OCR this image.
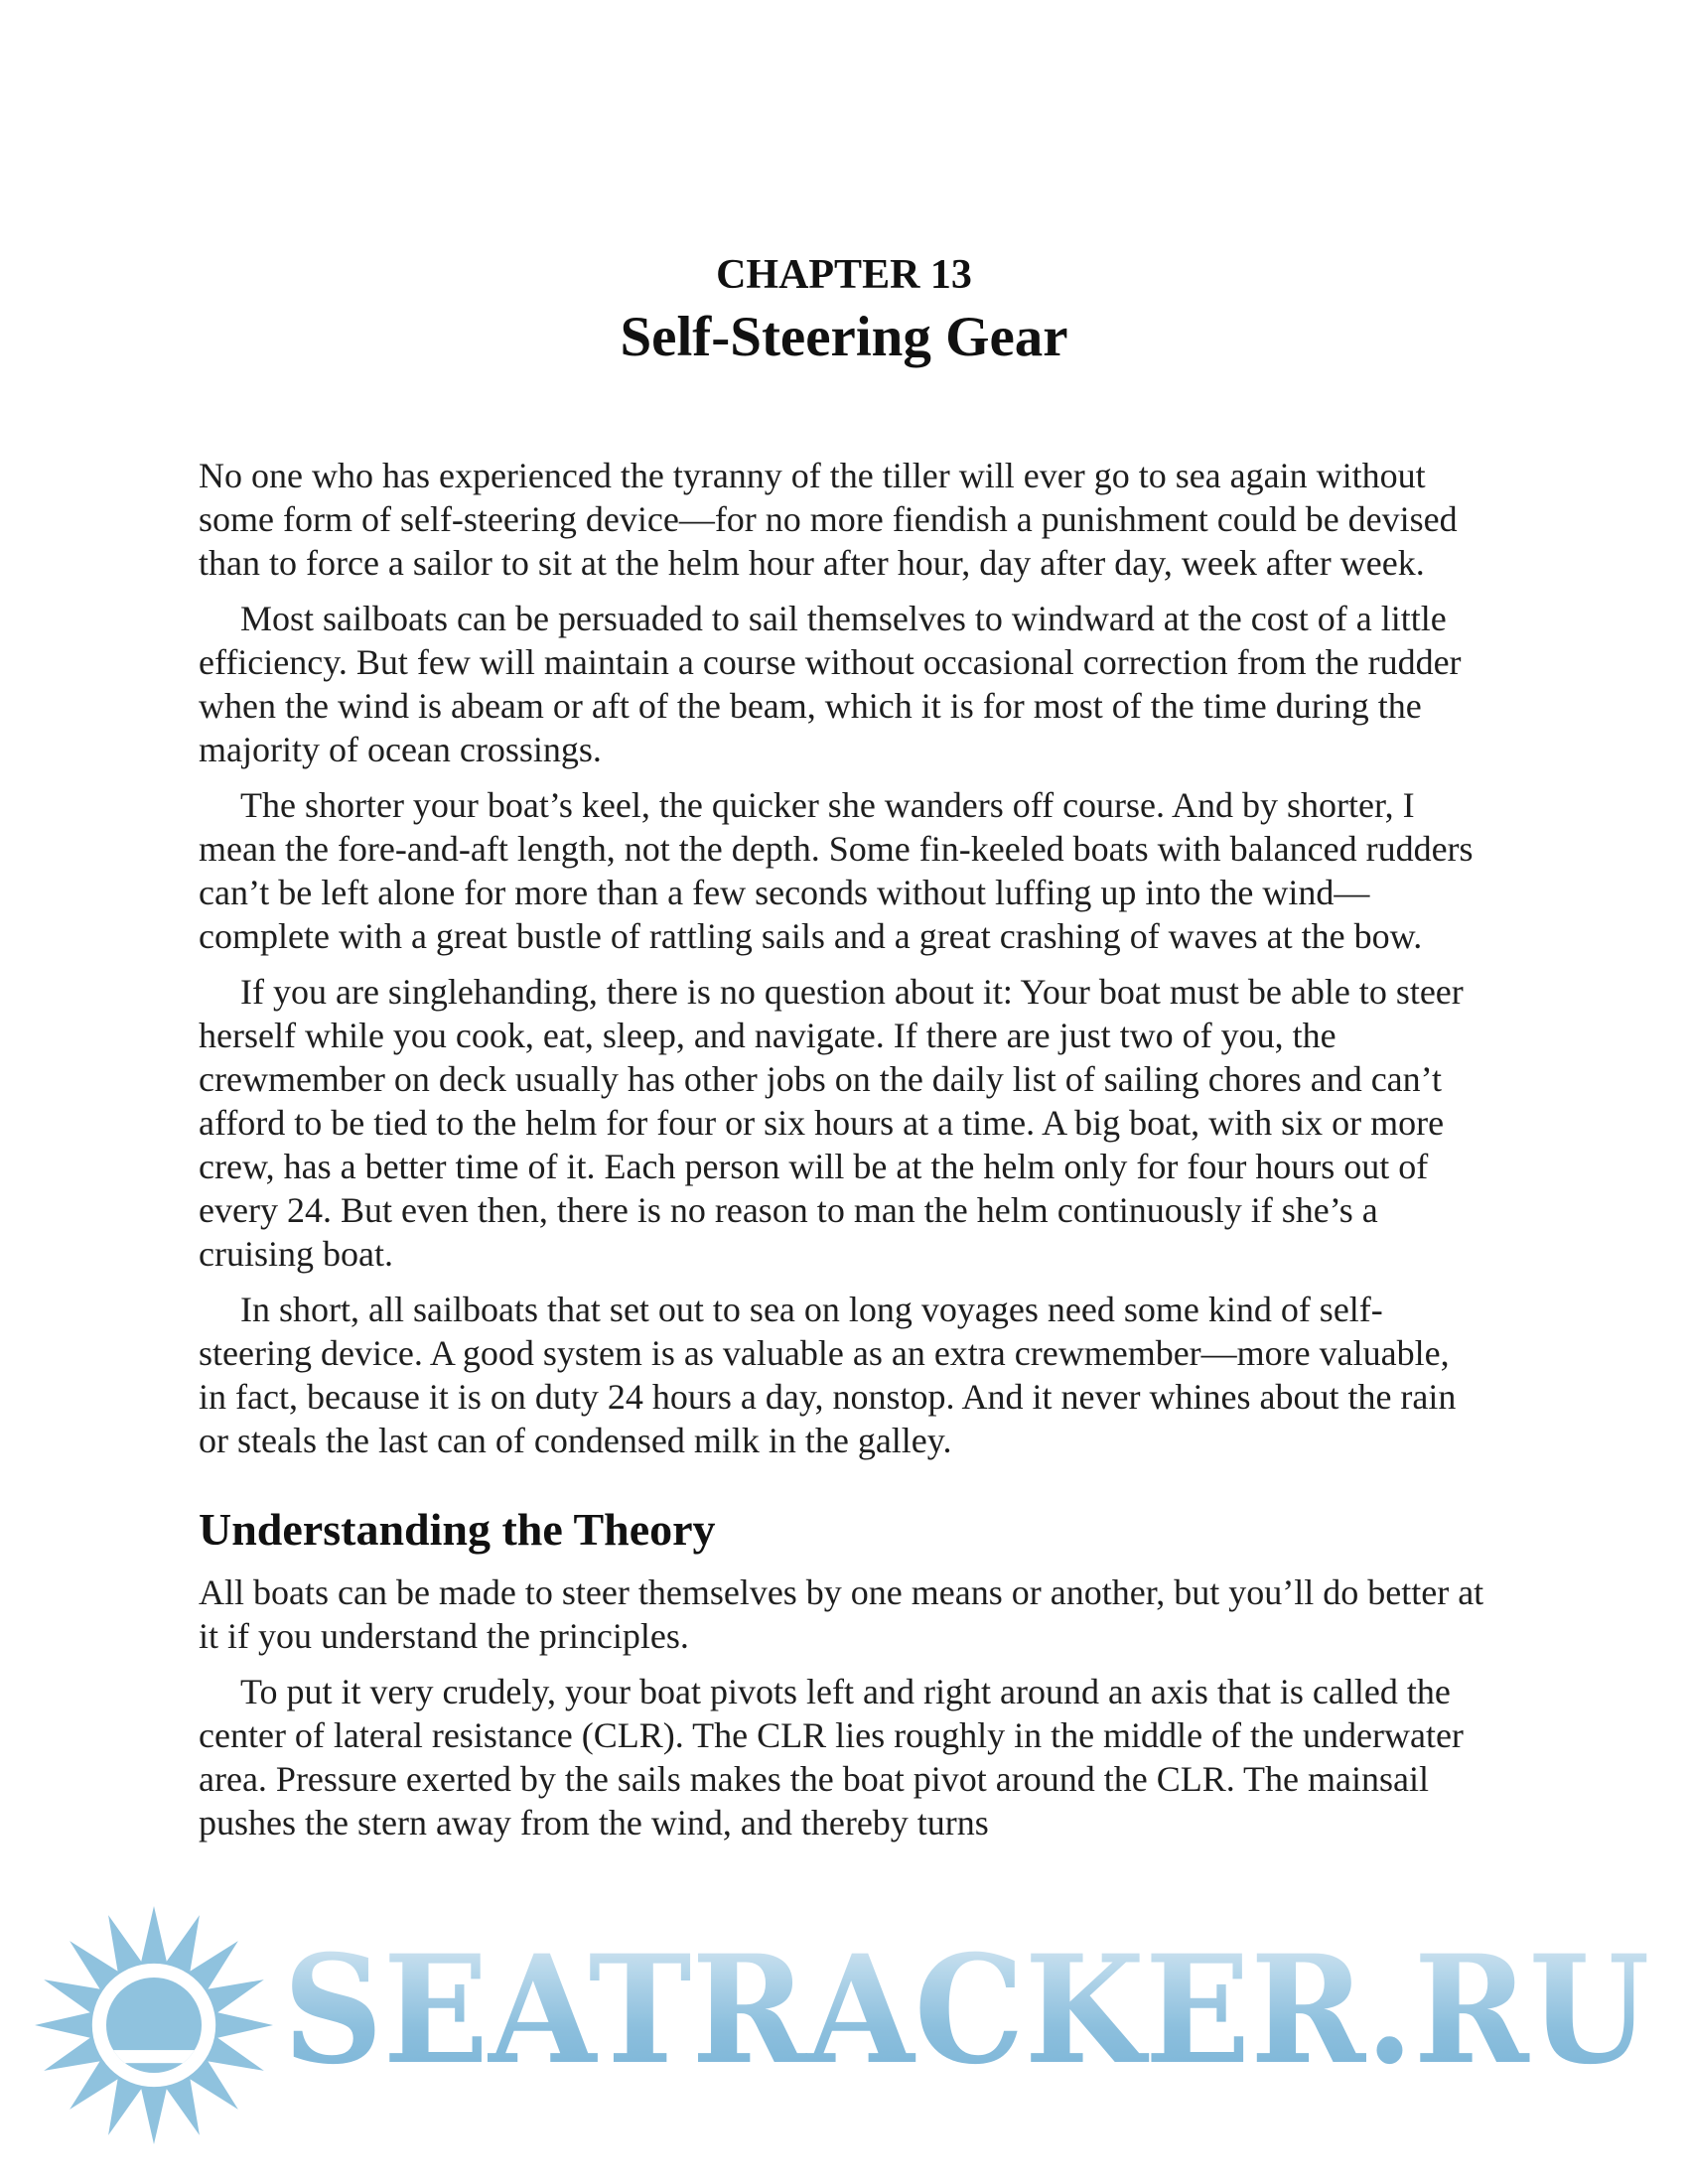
CHAPTER 13
Self-Steering Gear

No one who has experienced the tyranny of the tiller will ever go to sea again without some form of self-steering device—for no more fiendish a punishment could be devised than to force a sailor to sit at the helm hour after hour, day after day, week after week.

Most sailboats can be persuaded to sail themselves to windward at the cost of a little efficiency. But few will maintain a course without occasional correction from the rudder when the wind is abeam or aft of the beam, which it is for most of the time during the majority of ocean crossings.

The shorter your boat’s keel, the quicker she wanders off course. And by shorter, I mean the fore-and-aft length, not the depth. Some fin-keeled boats with balanced rudders can’t be left alone for more than a few seconds without luffing up into the wind—complete with a great bustle of rattling sails and a great crashing of waves at the bow.

If you are singlehanding, there is no question about it: Your boat must be able to steer herself while you cook, eat, sleep, and navigate. If there are just two of you, the crewmember on deck usually has other jobs on the daily list of sailing chores and can’t afford to be tied to the helm for four or six hours at a time. A big boat, with six or more crew, has a better time of it. Each person will be at the helm only for four hours out of every 24. But even then, there is no reason to man the helm continuously if she’s a cruising boat.

In short, all sailboats that set out to sea on long voyages need some kind of self-steering device. A good system is as valuable as an extra crewmember—more valuable, in fact, because it is on duty 24 hours a day, nonstop. And it never whines about the rain or steals the last can of condensed milk in the galley.

Understanding the Theory

All boats can be made to steer themselves by one means or another, but you’ll do better at it if you understand the principles.

To put it very crudely, your boat pivots left and right around an axis that is called the center of lateral resistance (CLR). The CLR lies roughly in the middle of the underwater area. Pressure exerted by the sails makes the boat pivot around the CLR. The mainsail pushes the stern away from the wind, and thereby turns

SEATRACKER.RU
